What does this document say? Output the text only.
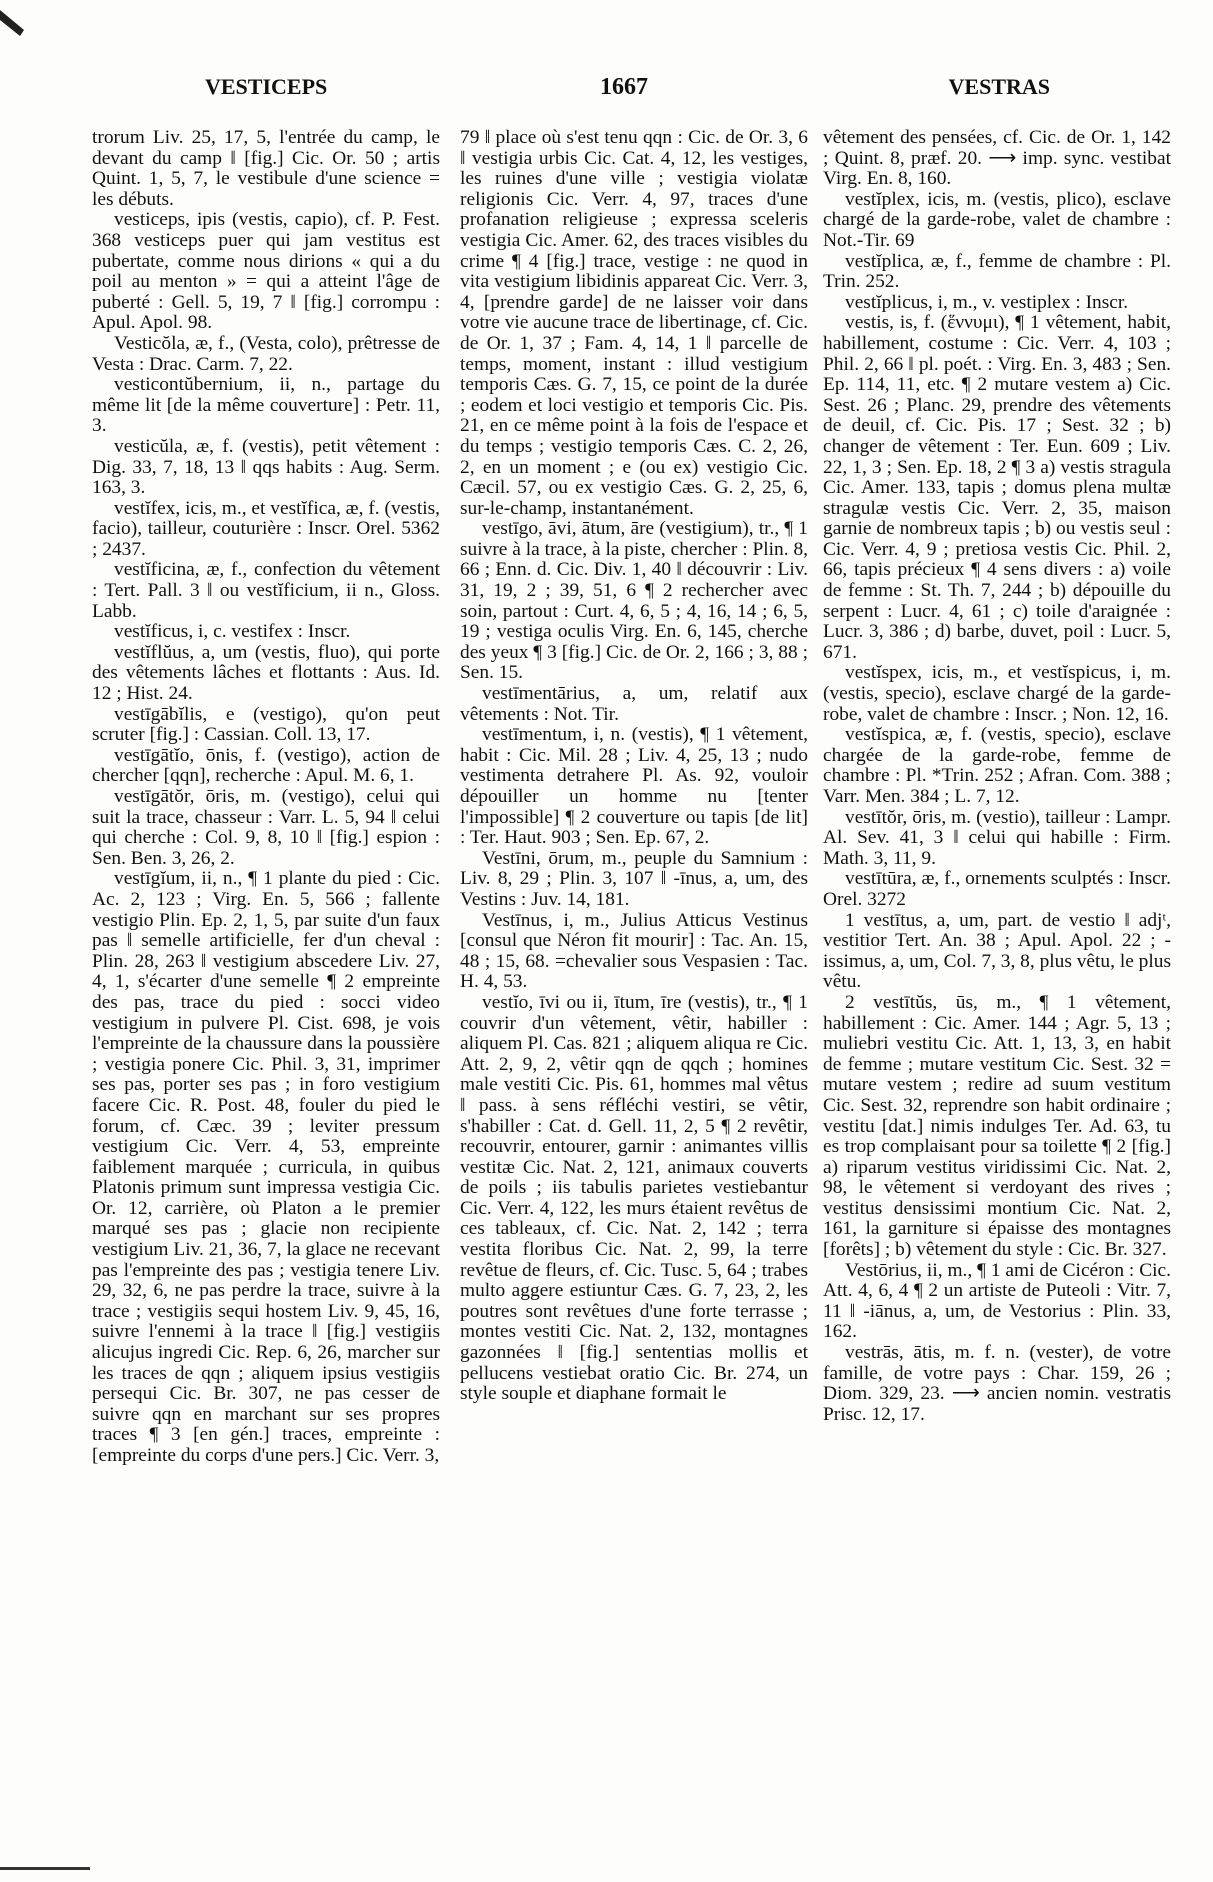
VESTICEPS	1667	VESTRAS

trorum Liv. 25, 17, 5, l'entrée du camp, le devant du camp ‖ [fig.] Cic. Or. 50 ; artis Quint. 1, 5, 7, le vestibule d'une science = les débuts.

vesticeps, ipis (vestis, capio), cf. P. Fest. 368 vesticeps puer qui jam vestitus est pubertate, comme nous dirions « qui a du poil au menton » = qui a atteint l'âge de puberté : Gell. 5, 19, 7 ‖ [fig.] corrompu : Apul. Apol. 98.

Vesticŏla, æ, f., (Vesta, colo), prêtresse de Vesta : Drac. Carm. 7, 22.

vesticontŭbernium, ii, n., partage du même lit [de la même couverture] : Petr. 11, 3.

vesticŭla, æ, f. (vestis), petit vêtement : Dig. 33, 7, 18, 13 ‖ qqs habits : Aug. Serm. 163, 3.

vestĭfex, icis, m., et vestĭfica, æ, f. (vestis, facio), tailleur, couturière : Inscr. Orel. 5362 ; 2437.

vestĭficina, æ, f., confection du vêtement : Tert. Pall. 3 ‖ ou vestĭficium, ii n., Gloss. Labb.

vestĭficus, i, c. vestifex : Inscr.

vestĭflŭus, a, um (vestis, fluo), qui porte des vêtements lâches et flottants : Aus. Id. 12 ; Hist. 24.

vestīgābĭlis, e (vestigo), qu'on peut scruter [fig.] : Cassian. Coll. 13, 17.

vestīgātĭo, ōnis, f. (vestigo), action de chercher [qqn], recherche : Apul. M. 6, 1.

vestīgātŏr, ōris, m. (vestigo), celui qui suit la trace, chasseur : Varr. L. 5, 94 ‖ celui qui cherche : Col. 9, 8, 10 ‖ [fig.] espion : Sen. Ben. 3, 26, 2.

vestīgĭum, ii, n., ¶ 1 plante du pied : Cic. Ac. 2, 123 ; Virg. En. 5, 566 ; fallente vestigio Plin. Ep. 2, 1, 5, par suite d'un faux pas ‖ semelle artificielle, fer d'un cheval : Plin. 28, 263 ‖ vestigium abscedere Liv. 27, 4, 1, s'écarter d'une semelle ¶ 2 empreinte des pas, trace du pied : socci video vestigium in pulvere Pl. Cist. 698, je vois l'empreinte de la chaussure dans la poussière ; vestigia ponere Cic. Phil. 3, 31, imprimer ses pas, porter ses pas ; in foro vestigium facere Cic. R. Post. 48, fouler du pied le forum, cf. Cæc. 39 ; leviter pressum vestigium Cic. Verr. 4, 53, empreinte faiblement marquée ; curricula, in quibus Platonis primum sunt impressa vestigia Cic. Or. 12, carrière, où Platon a le premier marqué ses pas ; glacie non recipiente vestigium Liv. 21, 36, 7, la glace ne recevant pas l'empreinte des pas ; vestigia tenere Liv. 29, 32, 6, ne pas perdre la trace, suivre à la trace ; vestigiis sequi hostem Liv. 9, 45, 16, suivre l'ennemi à la trace ‖ [fig.] vestigiis alicujus ingredi Cic. Rep. 6, 26, marcher sur les traces de qqn ; aliquem ipsius vestigiis persequi Cic. Br. 307, ne pas cesser de suivre qqn en marchant sur ses propres traces ¶ 3 [en gén.] traces, empreinte : [empreinte du corps d'une pers.] Cic. Verr. 3,

79 ‖ place où s'est tenu qqn : Cic. de Or. 3, 6 ‖ vestigia urbis Cic. Cat. 4, 12, les vestiges, les ruines d'une ville ; vestigia violatæ religionis Cic. Verr. 4, 97, traces d'une profanation religieuse ; expressa sceleris vestigia Cic. Amer. 62, des traces visibles du crime ¶ 4 [fig.] trace, vestige : ne quod in vita vestigium libidinis appareat Cic. Verr. 3, 4, [prendre garde] de ne laisser voir dans votre vie aucune trace de libertinage, cf. Cic. de Or. 1, 37 ; Fam. 4, 14, 1 ‖ parcelle de temps, moment, instant : illud vestigium temporis Cæs. G. 7, 15, ce point de la durée ; eodem et loci vestigio et temporis Cic. Pis. 21, en ce même point à la fois de l'espace et du temps ; vestigio temporis Cæs. C. 2, 26, 2, en un moment ; e (ou ex) vestigio Cic. Cæcil. 57, ou ex vestigio Cæs. G. 2, 25, 6, sur-le-champ, instantanément.

vestīgo, āvi, ātum, āre (vestigium), tr., ¶ 1 suivre à la trace, à la piste, chercher : Plin. 8, 66 ; Enn. d. Cic. Div. 1, 40 ‖ découvrir : Liv. 31, 19, 2 ; 39, 51, 6 ¶ 2 rechercher avec soin, partout : Curt. 4, 6, 5 ; 4, 16, 14 ; 6, 5, 19 ; vestiga oculis Virg. En. 6, 145, cherche des yeux ¶ 3 [fig.] Cic. de Or. 2, 166 ; 3, 88 ; Sen. 15.

vestīmentārius, a, um, relatif aux vêtements : Not. Tir.

vestīmentum, i, n. (vestis), ¶ 1 vêtement, habit : Cic. Mil. 28 ; Liv. 4, 25, 13 ; nudo vestimenta detrahere Pl. As. 92, vouloir dépouiller un homme nu [tenter l'impossible] ¶ 2 couverture ou tapis [de lit] : Ter. Haut. 903 ; Sen. Ep. 67, 2.

Vestīni, ōrum, m., peuple du Samnium : Liv. 8, 29 ; Plin. 3, 107 ‖ -īnus, a, um, des Vestins : Juv. 14, 181.

Vestīnus, i, m., Julius Atticus Vestinus [consul que Néron fit mourir] : Tac. An. 15, 48 ; 15, 68. =chevalier sous Vespasien : Tac. H. 4, 53.

vestĭo, īvi ou ii, ītum, īre (vestis), tr., ¶ 1 couvrir d'un vêtement, vêtir, habiller : aliquem Pl. Cas. 821 ; aliquem aliqua re Cic. Att. 2, 9, 2, vêtir qqn de qqch ; homines male vestiti Cic. Pis. 61, hommes mal vêtus ‖ pass. à sens réfléchi vestiri, se vêtir, s'habiller : Cat. d. Gell. 11, 2, 5 ¶ 2 revêtir, recouvrir, entourer, garnir : animantes villis vestitæ Cic. Nat. 2, 121, animaux couverts de poils ; iis tabulis parietes vestiebantur Cic. Verr. 4, 122, les murs étaient revêtus de ces tableaux, cf. Cic. Nat. 2, 142 ; terra vestita floribus Cic. Nat. 2, 99, la terre revêtue de fleurs, cf. Cic. Tusc. 5, 64 ; trabes multo aggere estiuntur Cæs. G. 7, 23, 2, les poutres sont revêtues d'une forte terrasse ; montes vestiti Cic. Nat. 2, 132, montagnes gazonnées ‖ [fig.] sententias mollis et pellucens vestiebat oratio Cic. Br. 274, un style souple et diaphane formait le

vêtement des pensées, cf. Cic. de Or. 1, 142 ; Quint. 8, præf. 20. ⟶ imp. sync. vestibat Virg. En. 8, 160.

vestĭplex, icis, m. (vestis, plico), esclave chargé de la garde-robe, valet de chambre : Not.-Tir. 69

vestĭplica, æ, f., femme de chambre : Pl. Trin. 252.

vestĭplicus, i, m., v. vestiplex : Inscr.

vestis, is, f. (ἕννυμι), ¶ 1 vêtement, habit, habillement, costume : Cic. Verr. 4, 103 ; Phil. 2, 66 ‖ pl. poét. : Virg. En. 3, 483 ; Sen. Ep. 114, 11, etc. ¶ 2 mutare vestem a) Cic. Sest. 26 ; Planc. 29, prendre des vêtements de deuil, cf. Cic. Pis. 17 ; Sest. 32 ; b) changer de vêtement : Ter. Eun. 609 ; Liv. 22, 1, 3 ; Sen. Ep. 18, 2 ¶ 3 a) vestis stragula Cic. Amer. 133, tapis ; domus plena multæ stragulæ vestis Cic. Verr. 2, 35, maison garnie de nombreux tapis ; b) ou vestis seul : Cic. Verr. 4, 9 ; pretiosa vestis Cic. Phil. 2, 66, tapis précieux ¶ 4 sens divers : a) voile de femme : St. Th. 7, 244 ; b) dépouille du serpent : Lucr. 4, 61 ; c) toile d'araignée : Lucr. 3, 386 ; d) barbe, duvet, poil : Lucr. 5, 671.

vestĭspex, icis, m., et vestĭspicus, i, m. (vestis, specio), esclave chargé de la garde-robe, valet de chambre : Inscr. ; Non. 12, 16.

vestĭspica, æ, f. (vestis, specio), esclave chargée de la garde-robe, femme de chambre : Pl. *Trin. 252 ; Afran. Com. 388 ; Varr. Men. 384 ; L. 7, 12.

vestītŏr, ōris, m. (vestio), tailleur : Lampr. Al. Sev. 41, 3 ‖ celui qui habille : Firm. Math. 3, 11, 9.

vestītūra, æ, f., ornements sculptés : Inscr. Orel. 3272

1 vestītus, a, um, part. de vestio ‖ adjᵗ, vestitior Tert. An. 38 ; Apul. Apol. 22 ; -issimus, a, um, Col. 7, 3, 8, plus vêtu, le plus vêtu.

2 vestītŭs, ūs, m., ¶ 1 vêtement, habillement : Cic. Amer. 144 ; Agr. 5, 13 ; muliebri vestitu Cic. Att. 1, 13, 3, en habit de femme ; mutare vestitum Cic. Sest. 32 = mutare vestem ; redire ad suum vestitum Cic. Sest. 32, reprendre son habit ordinaire ; vestitu [dat.] nimis indulges Ter. Ad. 63, tu es trop complaisant pour sa toilette ¶ 2 [fig.] a) riparum vestitus viridissimi Cic. Nat. 2, 98, le vêtement si verdoyant des rives ; vestitus densissimi montium Cic. Nat. 2, 161, la garniture si épaisse des montagnes [forêts] ; b) vêtement du style : Cic. Br. 327.

Vestōrius, ii, m., ¶ 1 ami de Cicéron : Cic. Att. 4, 6, 4 ¶ 2 un artiste de Puteoli : Vitr. 7, 11 ‖ -iānus, a, um, de Vestorius : Plin. 33, 162.

vestrās, ātis, m. f. n. (vester), de votre famille, de votre pays : Char. 159, 26 ; Diom. 329, 23. ⟶ ancien nomin. vestratis Prisc. 12, 17.
